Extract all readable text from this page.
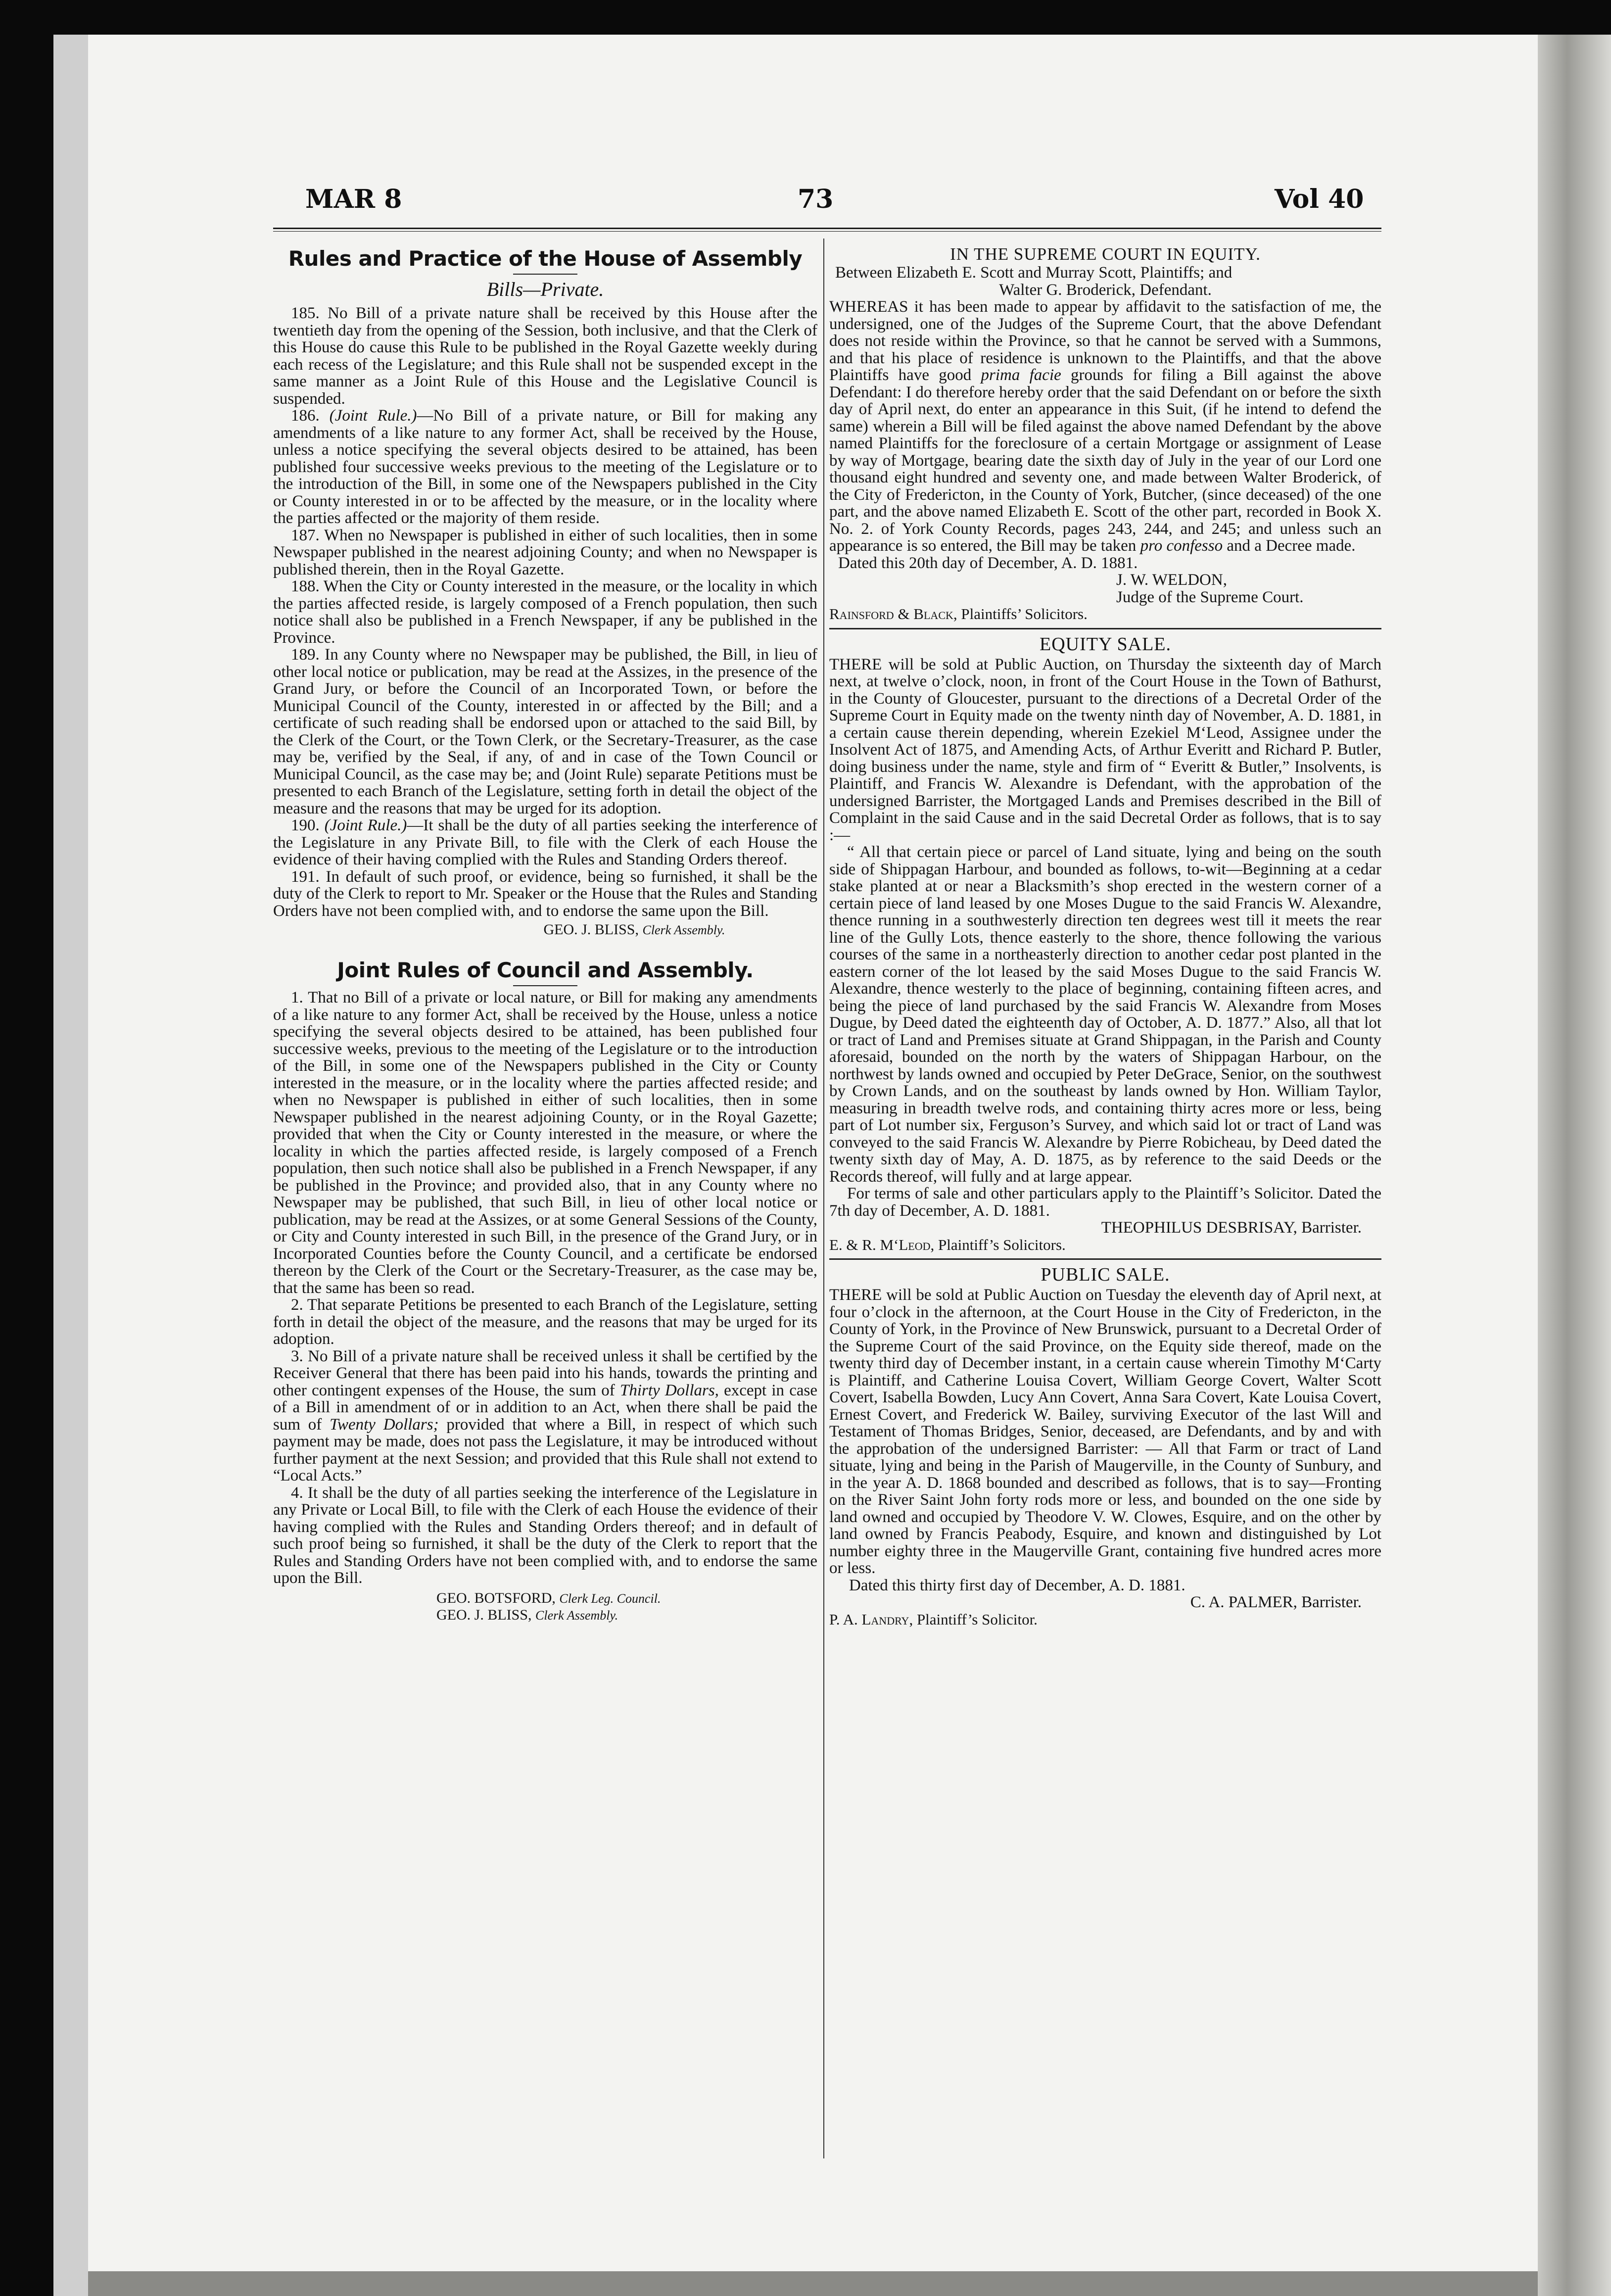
MAR 8	73	Vol 40
Rules and Practice of the House of Assembly
Bills—Private.

185. No Bill of a private nature shall be received by this House after the twentieth day from the opening of the Session, both inclusive, and that the Clerk of this House do cause this Rule to be published in the Royal Gazette weekly during each recess of the Legislature; and this Rule shall not be suspended except in the same manner as a Joint Rule of this House and the Legislative Council is suspended.

186. (Joint Rule.)—No Bill of a private nature, or Bill for making any amendments of a like nature to any former Act, shall be received by the House, unless a notice specifying the several objects desired to be attained, has been published four successive weeks previous to the meeting of the Legislature or to the introduction of the Bill, in some one of the Newspapers published in the City or County interested in or to be affected by the measure, or in the locality where the parties affected or the majority of them reside.

187. When no Newspaper is published in either of such localities, then in some Newspaper published in the nearest adjoining County; and when no Newspaper is published therein, then in the Royal Gazette.

188. When the City or County interested in the measure, or the locality in which the parties affected reside, is largely composed of a French population, then such notice shall also be published in a French Newspaper, if any be published in the Province.

189. In any County where no Newspaper may be published, the Bill, in lieu of other local notice or publication, may be read at the Assizes, in the presence of the Grand Jury, or before the Council of an Incorporated Town, or before the Municipal Council of the County, interested in or affected by the Bill; and a certificate of such reading shall be endorsed upon or attached to the said Bill, by the Clerk of the Court, or the Town Clerk, or the Secretary-Treasurer, as the case may be, verified by the Seal, if any, of and in case of the Town Council or Municipal Council, as the case may be; and (Joint Rule) separate Petitions must be presented to each Branch of the Legislature, setting forth in detail the object of the measure and the reasons that may be urged for its adoption.

190. (Joint Rule.)—It shall be the duty of all parties seeking the interference of the Legislature in any Private Bill, to file with the Clerk of each House the evidence of their having complied with the Rules and Standing Orders thereof.

191. In default of such proof, or evidence, being so furnished, it shall be the duty of the Clerk to report to Mr. Speaker or the House that the Rules and Standing Orders have not been complied with, and to endorse the same upon the Bill.

GEO. J. BLISS, Clerk Assembly.
Joint Rules of Council and Assembly.

1. That no Bill of a private or local nature, or Bill for making any amendments of a like nature to any former Act, shall be received by the House, unless a notice specifying the several objects desired to be attained, has been published four successive weeks, previous to the meeting of the Legislature or to the introduction of the Bill, in some one of the Newspapers published in the City or County interested in the measure, or in the locality where the parties affected reside; and when no Newspaper is published in either of such localities, then in some Newspaper published in the nearest adjoining County, or in the Royal Gazette; provided that when the City or County interested in the measure, or where the locality in which the parties affected reside, is largely composed of a French population, then such notice shall also be published in a French Newspaper, if any be published in the Province; and provided also, that in any County where no Newspaper may be published, that such Bill, in lieu of other local notice or publication, may be read at the Assizes, or at some General Sessions of the County, or City and County interested in such Bill, in the presence of the Grand Jury, or in Incorporated Counties before the County Council, and a certificate be endorsed thereon by the Clerk of the Court or the Secretary-Treasurer, as the case may be, that the same has been so read.

2. That separate Petitions be presented to each Branch of the Legislature, setting forth in detail the object of the measure, and the reasons that may be urged for its adoption.

3. No Bill of a private nature shall be received unless it shall be certified by the Receiver General that there has been paid into his hands, towards the printing and other contingent expenses of the House, the sum of Thirty Dollars, except in case of a Bill in amendment of or in addition to an Act, when there shall be paid the sum of Twenty Dollars; provided that where a Bill, in respect of which such payment may be made, does not pass the Legislature, it may be introduced without further payment at the next Session; and provided that this Rule shall not extend to “Local Acts.”

4. It shall be the duty of all parties seeking the interference of the Legislature in any Private or Local Bill, to file with the Clerk of each House the evidence of their having complied with the Rules and Standing Orders thereof; and in default of such proof being so furnished, it shall be the duty of the Clerk to report that the Rules and Standing Orders have not been complied with, and to endorse the same upon the Bill.

GEO. BOTSFORD, Clerk Leg. Council.
GEO. J. BLISS, Clerk Assembly.
IN THE SUPREME COURT IN EQUITY.
Between Elizabeth E. Scott and Murray Scott, Plaintiffs; and
Walter G. Broderick, Defendant.

WHEREAS it has been made to appear by affidavit to the satisfaction of me, the undersigned, one of the Judges of the Supreme Court, that the above Defendant does not reside within the Province, so that he cannot be served with a Summons, and that his place of residence is unknown to the Plaintiffs, and that the above Plaintiffs have good prima facie grounds for filing a Bill against the above Defendant: I do therefore hereby order that the said Defendant on or before the sixth day of April next, do enter an appearance in this Suit, (if he intend to defend the same) wherein a Bill will be filed against the above named Defendant by the above named Plaintiffs for the foreclosure of a certain Mortgage or assignment of Lease by way of Mortgage, bearing date the sixth day of July in the year of our Lord one thousand eight hundred and seventy one, and made between Walter Broderick, of the City of Fredericton, in the County of York, Butcher, (since deceased) of the one part, and the above named Elizabeth E. Scott of the other part, recorded in Book X. No. 2. of York County Records, pages 243, 244, and 245; and unless such an appearance is so entered, the Bill may be taken pro confesso and a Decree made.

Dated this 20th day of December, A. D. 1881.
J. W. WELDON,
Judge of the Supreme Court.
Rainsford & Black, Plaintiffs’ Solicitors.
EQUITY SALE.

THERE will be sold at Public Auction, on Thursday the sixteenth day of March next, at twelve o’clock, noon, in front of the Court House in the Town of Bathurst, in the County of Gloucester, pursuant to the directions of a Decretal Order of the Supreme Court in Equity made on the twenty ninth day of November, A. D. 1881, in a certain cause therein depending, wherein Ezekiel M‘Leod, Assignee under the Insolvent Act of 1875, and Amending Acts, of Arthur Everitt and Richard P. Butler, doing business under the name, style and firm of “ Everitt & Butler,” Insolvents, is Plaintiff, and Francis W. Alexandre is Defendant, with the approbation of the undersigned Barrister, the Mortgaged Lands and Premises described in the Bill of Complaint in the said Cause and in the said Decretal Order as follows, that is to say :—

“ All that certain piece or parcel of Land situate, lying and being on the south side of Shippagan Harbour, and bounded as follows, to-wit—Beginning at a cedar stake planted at or near a Blacksmith’s shop erected in the western corner of a certain piece of land leased by one Moses Dugue to the said Francis W. Alexandre, thence running in a southwesterly direction ten degrees west till it meets the rear line of the Gully Lots, thence easterly to the shore, thence following the various courses of the same in a northeasterly direction to another cedar post planted in the eastern corner of the lot leased by the said Moses Dugue to the said Francis W. Alexandre, thence westerly to the place of beginning, containing fifteen acres, and being the piece of land purchased by the said Francis W. Alexandre from Moses Dugue, by Deed dated the eighteenth day of October, A. D. 1877.” Also, all that lot or tract of Land and Premises situate at Grand Shippagan, in the Parish and County aforesaid, bounded on the north by the waters of Shippagan Harbour, on the northwest by lands owned and occupied by Peter DeGrace, Senior, on the southwest by Crown Lands, and on the southeast by lands owned by Hon. William Taylor, measuring in breadth twelve rods, and containing thirty acres more or less, being part of Lot number six, Ferguson’s Survey, and which said lot or tract of Land was conveyed to the said Francis W. Alexandre by Pierre Robicheau, by Deed dated the twenty sixth day of May, A. D. 1875, as by reference to the said Deeds or the Records thereof, will fully and at large appear.

For terms of sale and other particulars apply to the Plaintiff’s Solicitor. Dated the 7th day of December, A. D. 1881.

THEOPHILUS DESBRISAY, Barrister.
E. & R. M‘Leod, Plaintiff’s Solicitors.
PUBLIC SALE.

THERE will be sold at Public Auction on Tuesday the eleventh day of April next, at four o’clock in the afternoon, at the Court House in the City of Fredericton, in the County of York, in the Province of New Brunswick, pursuant to a Decretal Order of the Supreme Court of the said Province, on the Equity side thereof, made on the twenty third day of December instant, in a certain cause wherein Timothy M‘Carty is Plaintiff, and Catherine Louisa Covert, William George Covert, Walter Scott Covert, Isabella Bowden, Lucy Ann Covert, Anna Sara Covert, Kate Louisa Covert, Ernest Covert, and Frederick W. Bailey, surviving Executor of the last Will and Testament of Thomas Bridges, Senior, deceased, are Defendants, and by and with the approbation of the undersigned Barrister: — All that Farm or tract of Land situate, lying and being in the Parish of Maugerville, in the County of Sunbury, and in the year A. D. 1868 bounded and described as follows, that is to say—Fronting on the River Saint John forty rods more or less, and bounded on the one side by land owned and occupied by Theodore V. W. Clowes, Esquire, and on the other by land owned by Francis Peabody, Esquire, and known and distinguished by Lot number eighty three in the Maugerville Grant, containing five hundred acres more or less.

Dated this thirty first day of December, A. D. 1881.
C. A. PALMER, Barrister.
P. A. Landry, Plaintiff’s Solicitor.
